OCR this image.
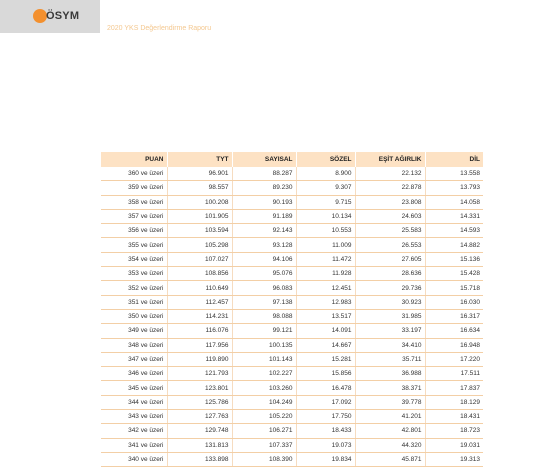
ÖSYM
2020 YKS Değerlendirme Raporu
PUAN	TYT	SAYISAL	SÖZEL	EŞİT AĞIRLIK	DİL
360 ve üzeri	96.901	88.287	8.900	22.132	13.558
359 ve üzeri	98.557	89.230	9.307	22.878	13.793
358 ve üzeri	100.208	90.193	9.715	23.808	14.058
357 ve üzeri	101.905	91.189	10.134	24.603	14.331
356 ve üzeri	103.594	92.143	10.553	25.583	14.593
355 ve üzeri	105.298	93.128	11.009	26.553	14.882
354 ve üzeri	107.027	94.106	11.472	27.605	15.136
353 ve üzeri	108.856	95.076	11.928	28.636	15.428
352 ve üzeri	110.649	96.083	12.451	29.736	15.718
351 ve üzeri	112.457	97.138	12.983	30.923	16.030
350 ve üzeri	114.231	98.088	13.517	31.985	16.317
349 ve üzeri	116.076	99.121	14.091	33.197	16.634
348 ve üzeri	117.956	100.135	14.667	34.410	16.948
347 ve üzeri	119.890	101.143	15.281	35.711	17.220
346 ve üzeri	121.793	102.227	15.856	36.988	17.511
345 ve üzeri	123.801	103.260	16.478	38.371	17.837
344 ve üzeri	125.786	104.249	17.092	39.778	18.129
343 ve üzeri	127.763	105.220	17.750	41.201	18.431
342 ve üzeri	129.748	106.271	18.433	42.801	18.723
341 ve üzeri	131.813	107.337	19.073	44.320	19.031
340 ve üzeri	133.898	108.390	19.834	45.871	19.313
